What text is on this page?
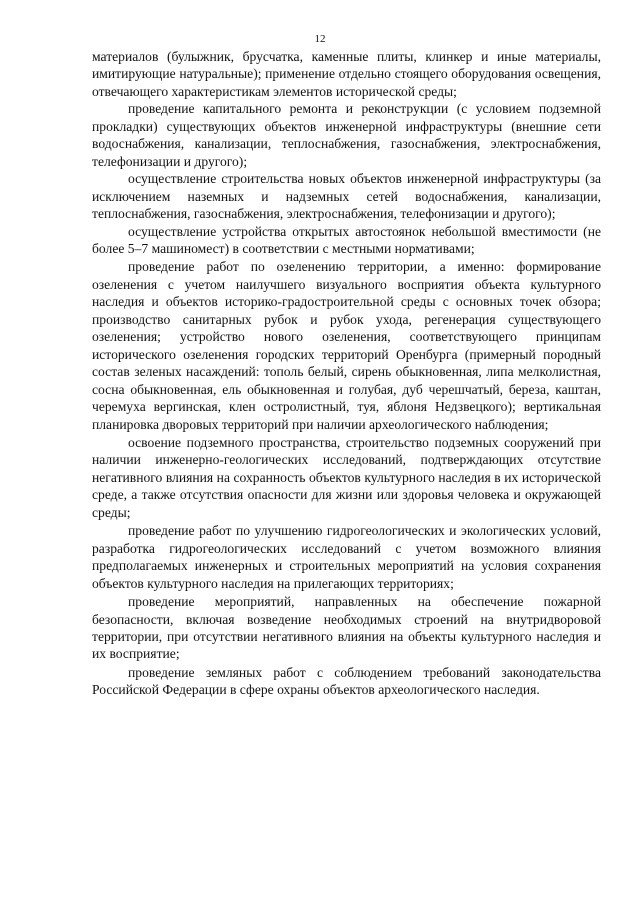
12

материалов (булыжник, брусчатка, каменные плиты, клинкер и иные материалы, имитирующие натуральные); применение отдельно стоящего оборудования освещения, отвечающего характеристикам элементов исторической среды;

проведение капитального ремонта и реконструкции (с условием подземной прокладки) существующих объектов инженерной инфраструктуры (внешние сети водоснабжения, канализации, теплоснабжения, газоснабжения, электроснабжения, телефонизации и другого);

осуществление строительства новых объектов инженерной инфраструктуры (за исключением наземных и надземных сетей водоснабжения, канализации, теплоснабжения, газоснабжения, электроснабжения, телефонизации и другого);

осуществление устройства открытых автостоянок небольшой вместимости (не более 5–7 машиномест) в соответствии с местными нормативами;

проведение работ по озеленению территории, а именно: формирование озеленения с учетом наилучшего визуального восприятия объекта культурного наследия и объектов историко-градостроительной среды с основных точек обзора; производство санитарных рубок и рубок ухода, регенерация существующего озеленения; устройство нового озеленения, соответствующего принципам исторического озеленения городских территорий Оренбурга (примерный породный состав зеленых насаждений: тополь белый, сирень обыкновенная, липа мелколистная, сосна обыкновенная, ель обыкновенная и голубая, дуб черешчатый, береза, каштан, черемуха вергинская, клен остролистный, туя, яблоня Недзвецкого); вертикальная планировка дворовых территорий при наличии археологического наблюдения;

освоение подземного пространства, строительство подземных сооружений при наличии инженерно-геологических исследований, подтверждающих отсутствие негативного влияния на сохранность объектов культурного наследия в их исторической среде, а также отсутствия опасности для жизни или здоровья человека и окружающей среды;

проведение работ по улучшению гидрогеологических и экологических условий, разработка гидрогеологических исследований с учетом возможного влияния предполагаемых инженерных и строительных мероприятий на условия сохранения объектов культурного наследия на прилегающих территориях;

проведение мероприятий, направленных на обеспечение пожарной безопасности, включая возведение необходимых строений на внутридворовой территории, при отсутствии негативного влияния на объекты культурного наследия и их восприятие;

проведение земляных работ с соблюдением требований законодательства Российской Федерации в сфере охраны объектов археологического наследия.
